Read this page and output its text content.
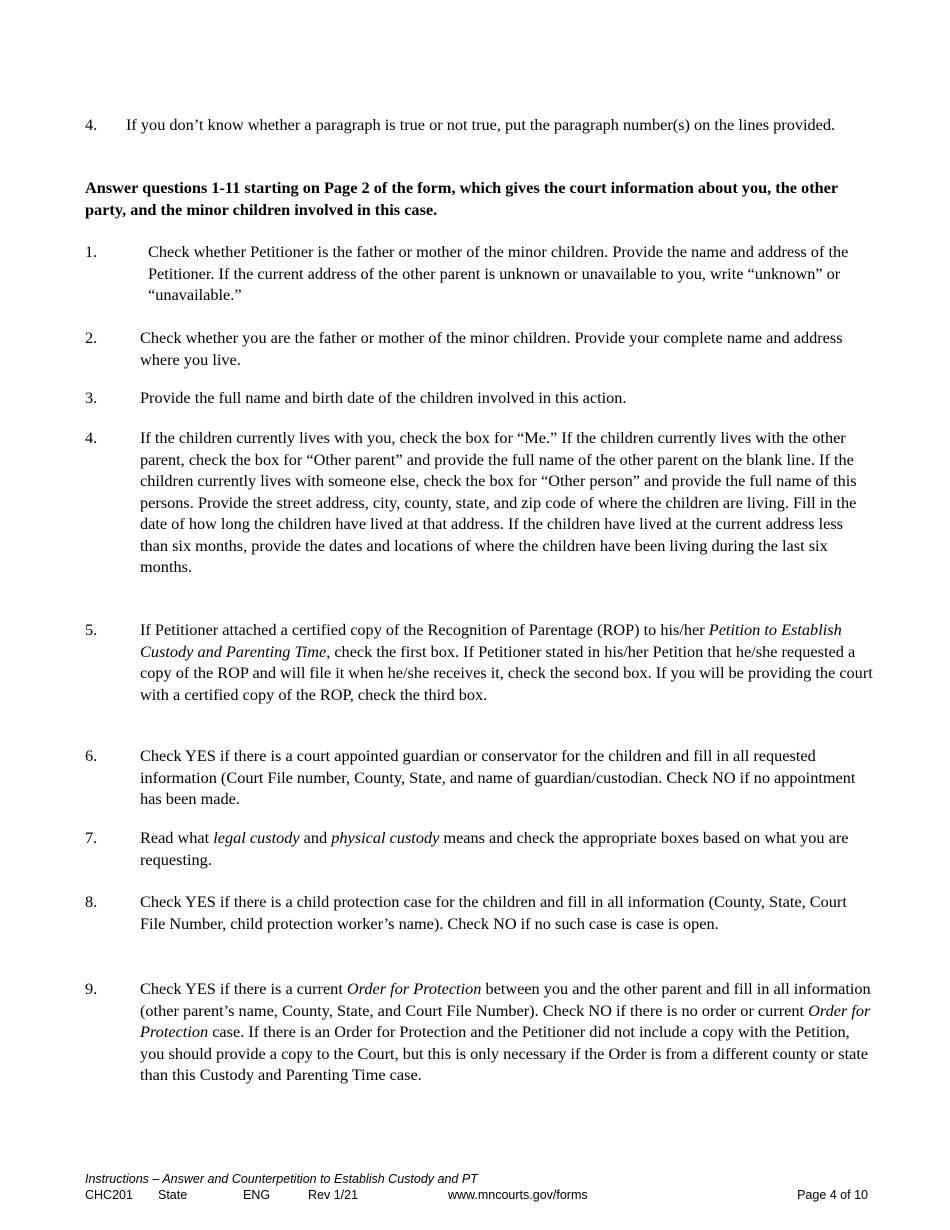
4. If you don’t know whether a paragraph is true or not true, put the paragraph number(s) on the lines provided.
Answer questions 1-11 starting on Page 2 of the form, which gives the court information about you, the other party, and the minor children involved in this case.
1.	Check whether Petitioner is the father or mother of the minor children. Provide the name and address of the Petitioner. If the current address of the other parent is unknown or unavailable to you, write “unknown” or “unavailable.”
2.	Check whether you are the father or mother of the minor children. Provide your complete name and address where you live.
3.	Provide the full name and birth date of the children involved in this action.
4.	If the children currently lives with you, check the box for “Me.” If the children currently lives with the other parent, check the box for “Other parent” and provide the full name of the other parent on the blank line. If the children currently lives with someone else, check the box for “Other person” and provide the full name of this persons. Provide the street address, city, county, state, and zip code of where the children are living. Fill in the date of how long the children have lived at that address. If the children have lived at the current address less than six months, provide the dates and locations of where the children have been living during the last six months.
5.	If Petitioner attached a certified copy of the Recognition of Parentage (ROP) to his/her Petition to Establish Custody and Parenting Time, check the first box. If Petitioner stated in his/her Petition that he/she requested a copy of the ROP and will file it when he/she receives it, check the second box. If you will be providing the court with a certified copy of the ROP, check the third box.
6.	Check YES if there is a court appointed guardian or conservator for the children and fill in all requested information (Court File number, County, State, and name of guardian/custodian. Check NO if no appointment has been made.
7.	Read what legal custody and physical custody means and check the appropriate boxes based on what you are requesting.
8.	Check YES if there is a child protection case for the children and fill in all information (County, State, Court File Number, child protection worker’s name). Check NO if no such case is case is open.
9.	Check YES if there is a current Order for Protection between you and the other parent and fill in all information (other parent’s name, County, State, and Court File Number). Check NO if there is no order or current Order for Protection case. If there is an Order for Protection and the Petitioner did not include a copy with the Petition, you should provide a copy to the Court, but this is only necessary if the Order is from a different county or state than this Custody and Parenting Time case.
Instructions – Answer and Counterpetition to Establish Custody and PT
CHC201 State	ENG	Rev 1/21	www.mncourts.gov/forms	Page 4 of 10
